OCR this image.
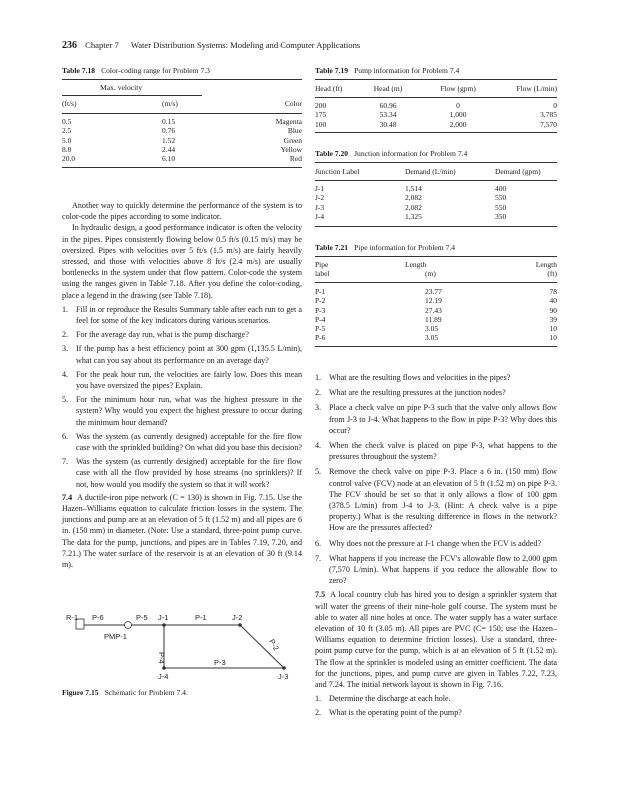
236 Chapter 7 Water Distribution Systems: Modeling and Computer Applications
Table 7.18 Color-coding range for Problem 7.3
Max. velocity
(ft/s)	(m/s)	Color
0.5	0.15	Magenta
2.5	0.76	Blue
5.0	1.52	Green
8.0	2.44	Yellow
20.0	6.10	Red

Another way to quickly determine the performance of the system is to color-code the pipes according to some indicator.

In hydraulic design, a good performance indicator is often the velocity in the pipes. Pipes consistently flowing below 0.5 ft/s (0.15 m/s) may be oversized. Pipes with velocities over 5 ft/s (1.5 m/s) are fairly heavily stressed, and those with velocities above 8 ft/s (2.4 m/s) are usually bottlenecks in the system under that flow pattern. Color-code the system using the ranges given in Table 7.18. After you define the color-coding, place a legend in the drawing (see Table 7.18).

1. Fill in or reproduce the Results Summary table after each run to get a feel for some of the key indicators during various scenarios.
2. For the average day run, what is the pump discharge?
3. If the pump has a best efficiency point at 300 gpm (1,135.5 L/min), what can you say about its performance on an average day?
4. For the peak hour run, the velocities are fairly low. Does this mean you have oversized the pipes? Explain.
5. For the minimum hour run, what was the highest pressure in the system? Why would you expect the highest pressure to occur during the minimum hour demand?
6. Was the system (as currently designed) acceptable for the fire flow case with the sprinkled building? On what did you base this decision?
7. Was the system (as currently designed) acceptable for the fire flow case with all the flow provided by hose streams (no sprinklers)? If not, how would you modify the system so that it will work?

7.4 A ductile-iron pipe network (C = 130) is shown in Fig. 7.15. Use the Hazen–Williams equation to calculate friction losses in the system. The junctions and pump are at an elevation of 5 ft (1.52 m) and all pipes are 6 in. (150 mm) in diameter. (Note: Use a standard, three-point pump curve. The data for the pump, junctions, and pipes are in Tables 7.19, 7.20, and 7.21.) The water surface of the reservoir is at an elevation of 30 ft (9.14 m).

R-1 P-6	P-5 J-1	P-1	J-2
PMP-1
P-4
P-2
P-3
J-4	J-3
Figure 7.15 Schematic for Problem 7.4.
Table 7.19 Pump information for Problem 7.4
Head (ft)	Head (m)	Flow (gpm)	Flow (L/min)
200	60.96	0	0
175	53.34	1,000	3,785
100	30.48	2,000	7,570
Table 7.20 Junction information for Problem 7.4
Junction Label	Demand (L/min)	Demand (gpm)
J-1	1,514	400
J-2	2,082	550
J-3	2,082	550
J-4	1,325	350
Table 7.21 Pipe information for Problem 7.4
Pipe	Length	Length
label	(m)	(ft)
P-1	23.77	78
P-2	12.19	40
P-3	27.43	90
P-4	11.89	39
P-5	3.05	10
P-6	3.05	10
1. What are the resulting flows and velocities in the pipes?
2. What are the resulting pressures at the junction nodes?
3. Place a check valve on pipe P-3 such that the valve only allows flow from J-3 to J-4. What happens to the flow in pipe P-3? Why does this occur?
4. When the check valve is placed on pipe P-3, what happens to the pressures throughout the system?
5. Remove the check valve on pipe P-3. Place a 6 in. (150 mm) flow control valve (FCV) node at an elevation of 5 ft (1.52 m) on pipe P-3. The FCV should be set so that it only allows a flow of 100 gpm (378.5 L/min) from J-4 to J-3. (Hint: A check valve is a pipe property.) What is the resulting difference in flows in the network? How are the pressures affected?
6. Why does not the pressure at J-1 change when the FCV is added?
7. What happens if you increase the FCV's allowable flow to 2,000 gpm (7,570 L/min). What happens if you reduce the allowable flow to zero?

7.5 A local country club has hired you to design a sprinkler system that will water the greens of their nine-hole golf course. The system must be able to water all nine holes at once. The water supply has a water surface elevation of 10 ft (3.05 m). All pipes are PVC (C= 150; use the Hazen–Williams equation to determine friction losses). Use a standard, three-point pump curve for the pump, which is at an elevation of 5 ft (1.52 m). The flow at the sprinkler is modeled using an emitter coefficient. The data for the junctions, pipes, and pump curve are given in Tables 7.22, 7.23, and 7.24. The initial network layout is shown in Fig. 7.16.

1. Determine the discharge at each hole.
2. What is the operating point of the pump?
